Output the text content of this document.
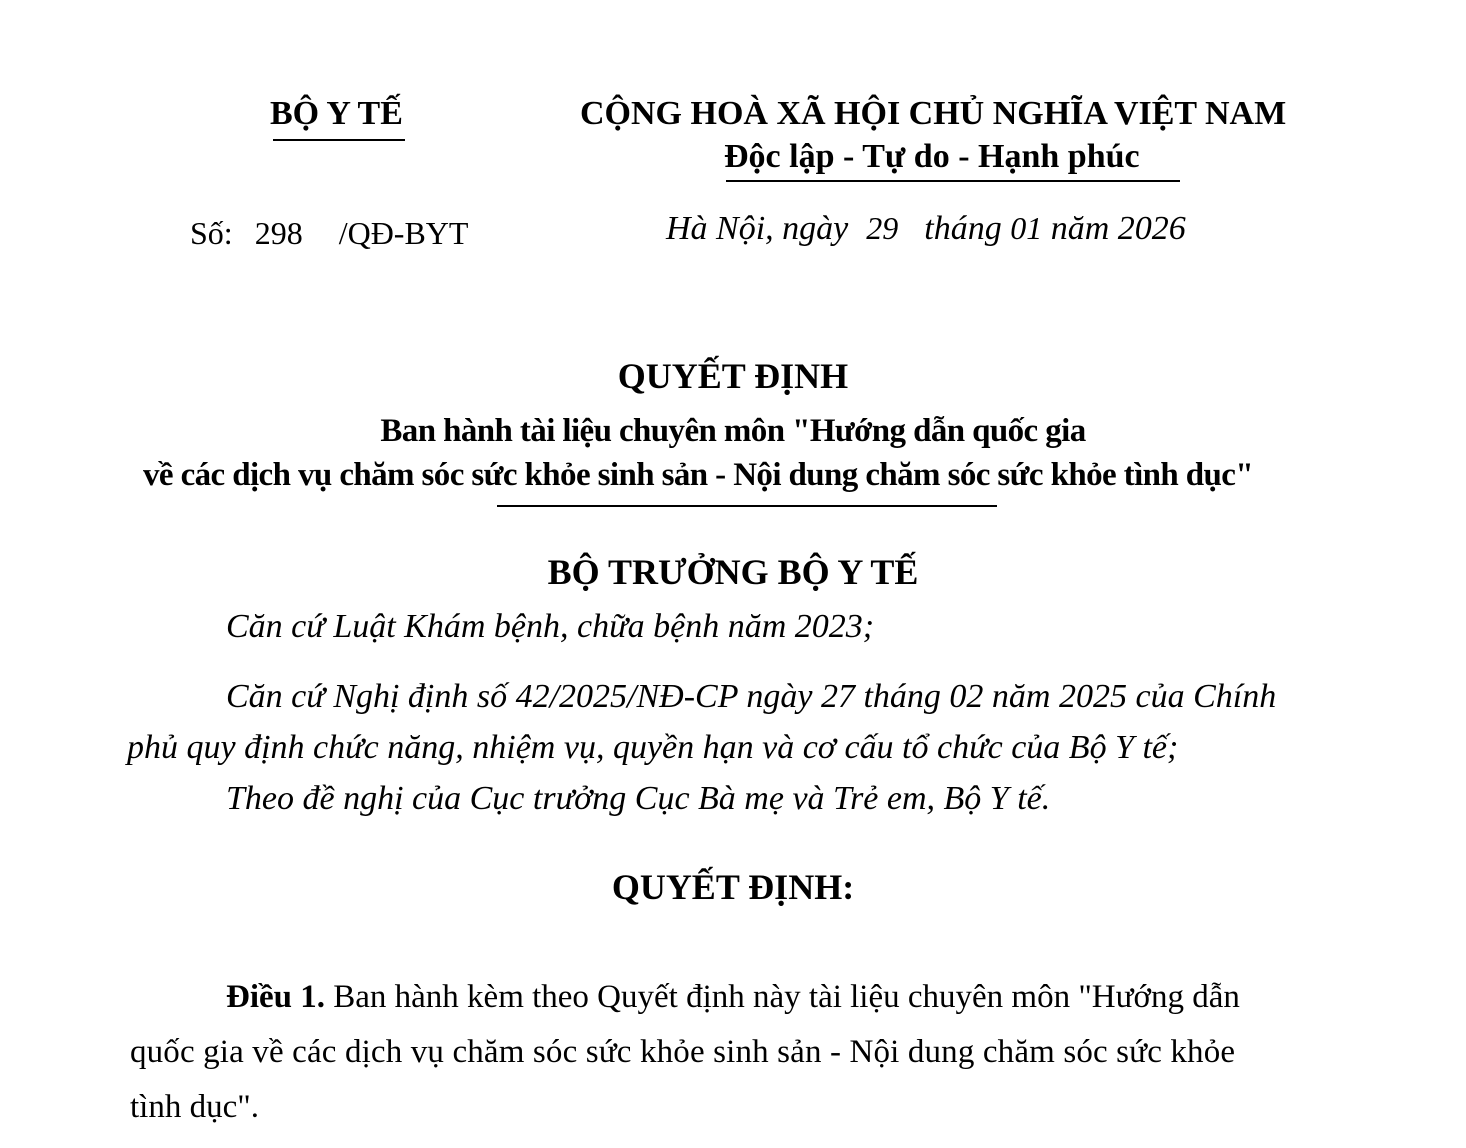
BỘ Y TẾ	CỘNG HOÀ XÃ HỘI CHỦ NGHĨA VIỆT NAM
Độc lập - Tự do - Hạnh phúc
Số: 298 /QĐ-BYT	Hà Nội, ngày 29 tháng 01 năm 2026
QUYẾT ĐỊNH
Ban hành tài liệu chuyên môn "Hướng dẫn quốc gia
về các dịch vụ chăm sóc sức khỏe sinh sản - Nội dung chăm sóc sức khỏe tình dục"
BỘ TRƯỞNG BỘ Y TẾ
Căn cứ Luật Khám bệnh, chữa bệnh năm 2023;
Căn cứ Nghị định số 42/2025/NĐ-CP ngày 27 tháng 02 năm 2025 của Chính
phủ quy định chức năng, nhiệm vụ, quyền hạn và cơ cấu tổ chức của Bộ Y tế;
Theo đề nghị của Cục trưởng Cục Bà mẹ và Trẻ em, Bộ Y tế.
QUYẾT ĐỊNH:
Điều 1. Ban hành kèm theo Quyết định này tài liệu chuyên môn "Hướng dẫn
quốc gia về các dịch vụ chăm sóc sức khỏe sinh sản - Nội dung chăm sóc sức khỏe
tình dục".
